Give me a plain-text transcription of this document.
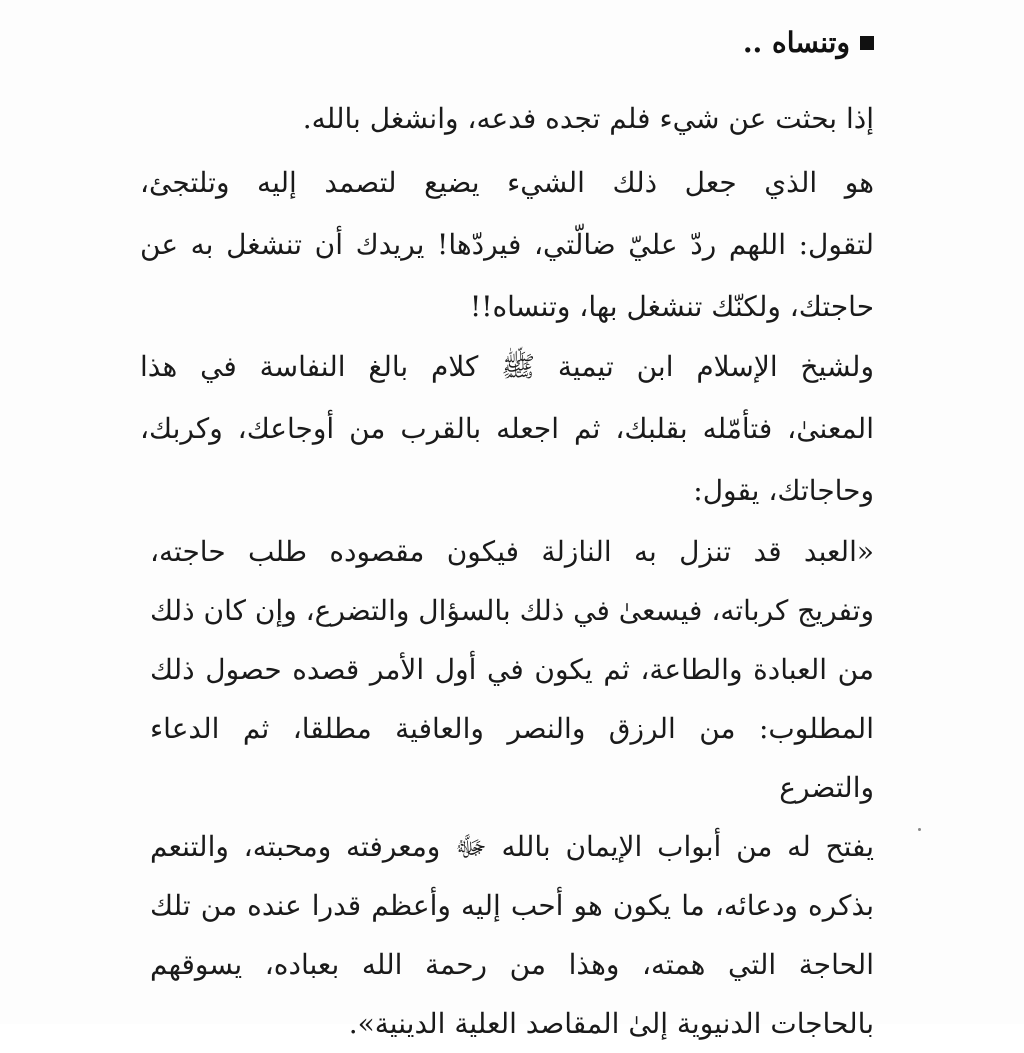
وتنساه ..
إذا بحثت عن شيء فلم تجده فدعه، وانشغل بالله.
هو الذي جعل ذلك الشيء يضيع لتصمد إليه وتلتجئ،
لتقول: اللهم ردّ عليّ ضالّتي، فيردّها! يريدك أن تنشغل به عن
حاجتك، ولكنّك تنشغل بها، وتنساه!!
ولشيخ الإسلام ابن تيمية ﷺ كلام بالغ النفاسة في هذا
المعنىٰ، فتأمّله بقلبك، ثم اجعله بالقرب من أوجاعك، وكربك،
وحاجاتك، يقول:
«العبد قد تنزل به النازلة فيكون مقصوده طلب حاجته،
وتفريج كرباته، فيسعىٰ في ذلك بالسؤال والتضرع، وإن كان ذلك
من العبادة والطاعة، ثم يكون في أول الأمر قصده حصول ذلك
المطلوب: من الرزق والنصر والعافية مطلقا، ثم الدعاء والتضرع
يفتح له من أبواب الإيمان بالله ﷻ ومعرفته ومحبته، والتنعم
بذكره ودعائه، ما يكون هو أحب إليه وأعظم قدرا عنده من تلك
الحاجة التي همته، وهذا من رحمة الله بعباده، يسوقهم
بالحاجات الدنيوية إلىٰ المقاصد العلية الدينية».
